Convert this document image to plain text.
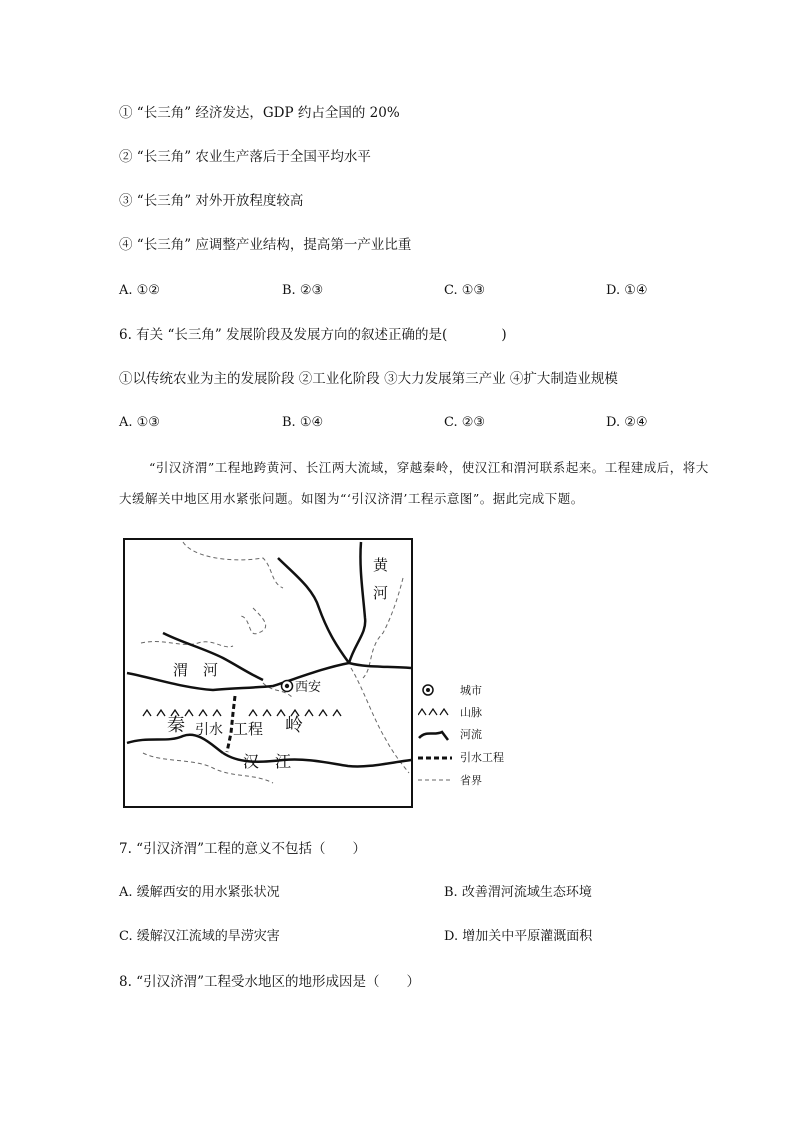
① “长三角” 经济发达，GDP 约占全国的 20%
② “长三角” 农业生产落后于全国平均水平
③ “长三角” 对外开放程度较高
④ “长三角” 应调整产业结构，提高第一产业比重
A. ①②	B. ②③	C. ①③	D. ①④
6. 有关 “长三角” 发展阶段及发展方向的叙述正确的是(　　　　)
①以传统农业为主的发展阶段 ②工业化阶段 ③大力发展第三产业 ④扩大制造业规模
A. ①③	B. ①④	C. ②③	D. ②④
“引汉济渭”工程地跨黄河、长江两大流域，穿越秦岭，使汉江和渭河联系起来。工程建成后，将大大缓解关中地区用水紧张问题。如图为“‘引汉济渭’工程示意图”。据此完成下题。
黄
河
渭　河
西安
秦 引水 工程 岭
汉　江
城市
山脉
河流
引水工程
省界
7. “引汉济渭”工程的意义不包括（　　）
A. 缓解西安的用水紧张状况	B. 改善渭河流域生态环境
C. 缓解汉江流域的旱涝灾害	D. 增加关中平原灌溉面积
8. “引汉济渭”工程受水地区的地形成因是（　　）
